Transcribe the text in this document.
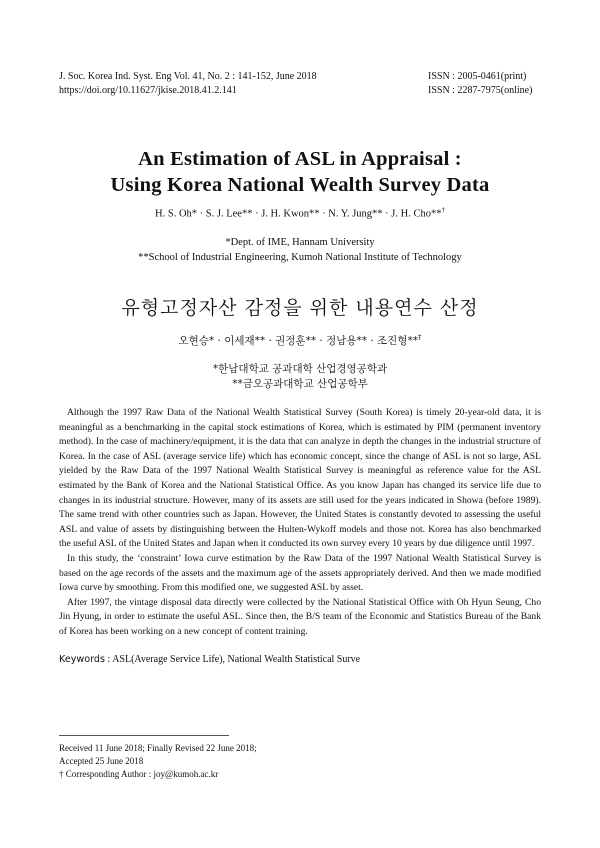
J. Soc. Korea Ind. Syst. Eng Vol. 41, No. 2 : 141-152, June 2018
https://doi.org/10.11627/jkise.2018.41.2.141
ISSN : 2005-0461(print)
ISSN : 2287-7975(online)
An Estimation of ASL in Appraisal :
Using Korea National Wealth Survey Data
H. S. Oh* · S. J. Lee** · J. H. Kwon** · N. Y. Jung** · J. H. Cho**†
*Dept. of IME, Hannam University
**School of Industrial Engineering, Kumoh National Institute of Technology
유형고정자산 감정을 위한 내용연수 산정
오현승* · 이세재** · 권정훈** · 정남용** · 조진형**†
*한남대학교 공과대학 산업경영공학과
**금오공과대학교 산업공학부

Although the 1997 Raw Data of the National Wealth Statistical Survey (South Korea) is timely 20-year-old data, it is meaningful as a benchmarking in the capital stock estimations of Korea, which is estimated by PIM (permanent inventory method). In the case of machinery/equipment, it is the data that can analyze in depth the changes in the industrial structure of Korea. In the case of ASL (average service life) which has economic concept, since the change of ASL is not so large, ASL yielded by the Raw Data of the 1997 National Wealth Statistical Survey is meaningful as reference value for the ASL estimated by the Bank of Korea and the National Statistical Office. As you know Japan has changed its service life due to changes in its industrial structure. However, many of its assets are still used for the years indicated in Showa (before 1989). The same trend with other countries such as Japan. However, the United States is constantly devoted to assessing the useful ASL and value of assets by distinguishing between the Hulten-Wykoff models and those not. Korea has also benchmarked the useful ASL of the United States and Japan when it conducted its own survey every 10 years by due diligence until 1997.

In this study, the ‘constraint’ Iowa curve estimation by the Raw Data of the 1997 National Wealth Statistical Survey is based on the age records of the assets and the maximum age of the assets appropriately derived. And then we made modified Iowa curve by smoothing. From this modified one, we suggested ASL by asset.

After 1997, the vintage disposal data directly were collected by the National Statistical Office with Oh Hyun Seung, Cho Jin Hyung, in order to estimate the useful ASL. Since then, the B/S team of the Economic and Statistics Bureau of the Bank of Korea has been working on a new concept of content training.

Keywords : ASL(Average Service Life), National Wealth Statistical Surve
Received 11 June 2018; Finally Revised 22 June 2018;
Accepted 25 June 2018
† Corresponding Author : joy@kumoh.ac.kr
